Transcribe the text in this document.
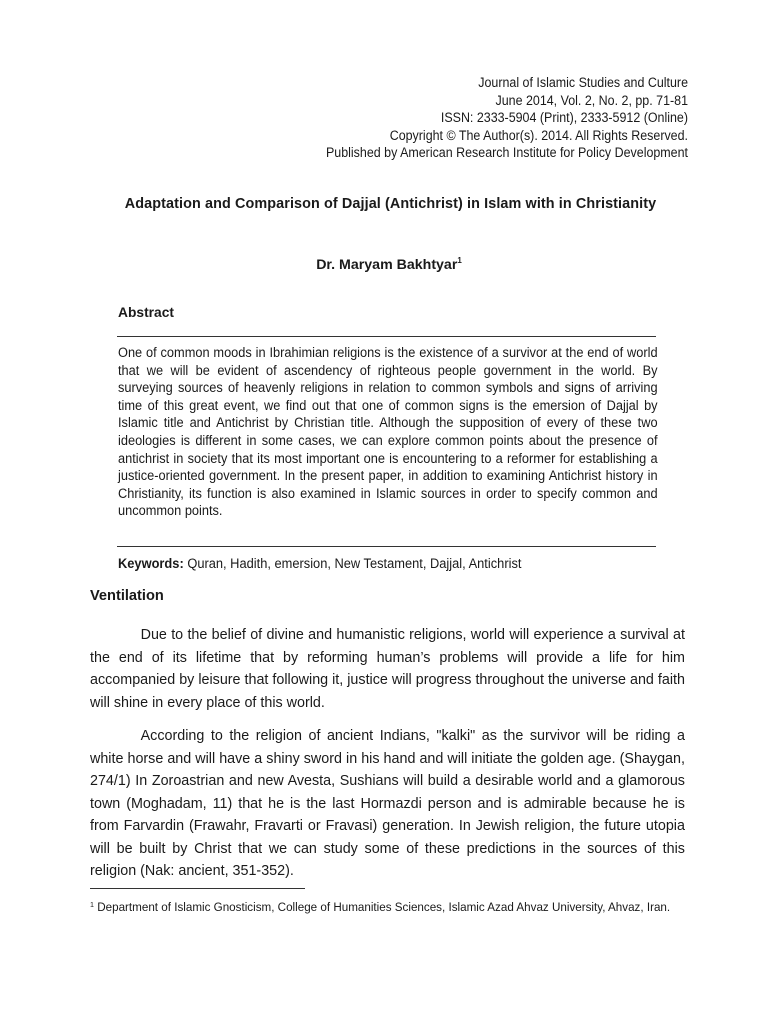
Journal of Islamic Studies and Culture
June 2014, Vol. 2, No. 2, pp. 71-81
ISSN: 2333-5904 (Print), 2333-5912 (Online)
Copyright © The Author(s). 2014. All Rights Reserved.
Published by American Research Institute for Policy Development
Adaptation and Comparison of Dajjal (Antichrist) in Islam with in Christianity
Dr. Maryam Bakhtyar$^1$
Abstract
One of common moods in Ibrahimian religions is the existence of a survivor at the end of world that we will be evident of ascendency of righteous people government in the world. By surveying sources of heavenly religions in relation to common symbols and signs of arriving time of this great event, we find out that one of common signs is the emersion of Dajjal by Islamic title and Antichrist by Christian title. Although the supposition of every of these two ideologies is different in some cases, we can explore common points about the presence of antichrist in society that its most important one is encountering to a reformer for establishing a justice-oriented government. In the present paper, in addition to examining Antichrist history in Christianity, its function is also examined in Islamic sources in order to specify common and uncommon points.
Keywords: Quran, Hadith, emersion, New Testament, Dajjal, Antichrist
Ventilation

Due to the belief of divine and humanistic religions, world will experience a survival at the end of its lifetime that by reforming human’s problems will provide a life for him accompanied by leisure that following it, justice will progress throughout the universe and faith will shine in every place of this world.

According to the religion of ancient Indians, "kalki" as the survivor will be riding a white horse and will have a shiny sword in his hand and will initiate the golden age. (Shaygan, 274/1) In Zoroastrian and new Avesta, Sushians will build a desirable world and a glamorous town (Moghadam, 11) that he is the last Hormazdi person and is admirable because he is from Farvardin (Frawahr, Fravarti or Fravasi) generation. In Jewish religion, the future utopia will be built by Christ that we can study some of these predictions in the sources of this religion (Nak: ancient, 351-352).

$^1$ Department of Islamic Gnosticism, College of Humanities Sciences, Islamic Azad Ahvaz University, Ahvaz, Iran.
